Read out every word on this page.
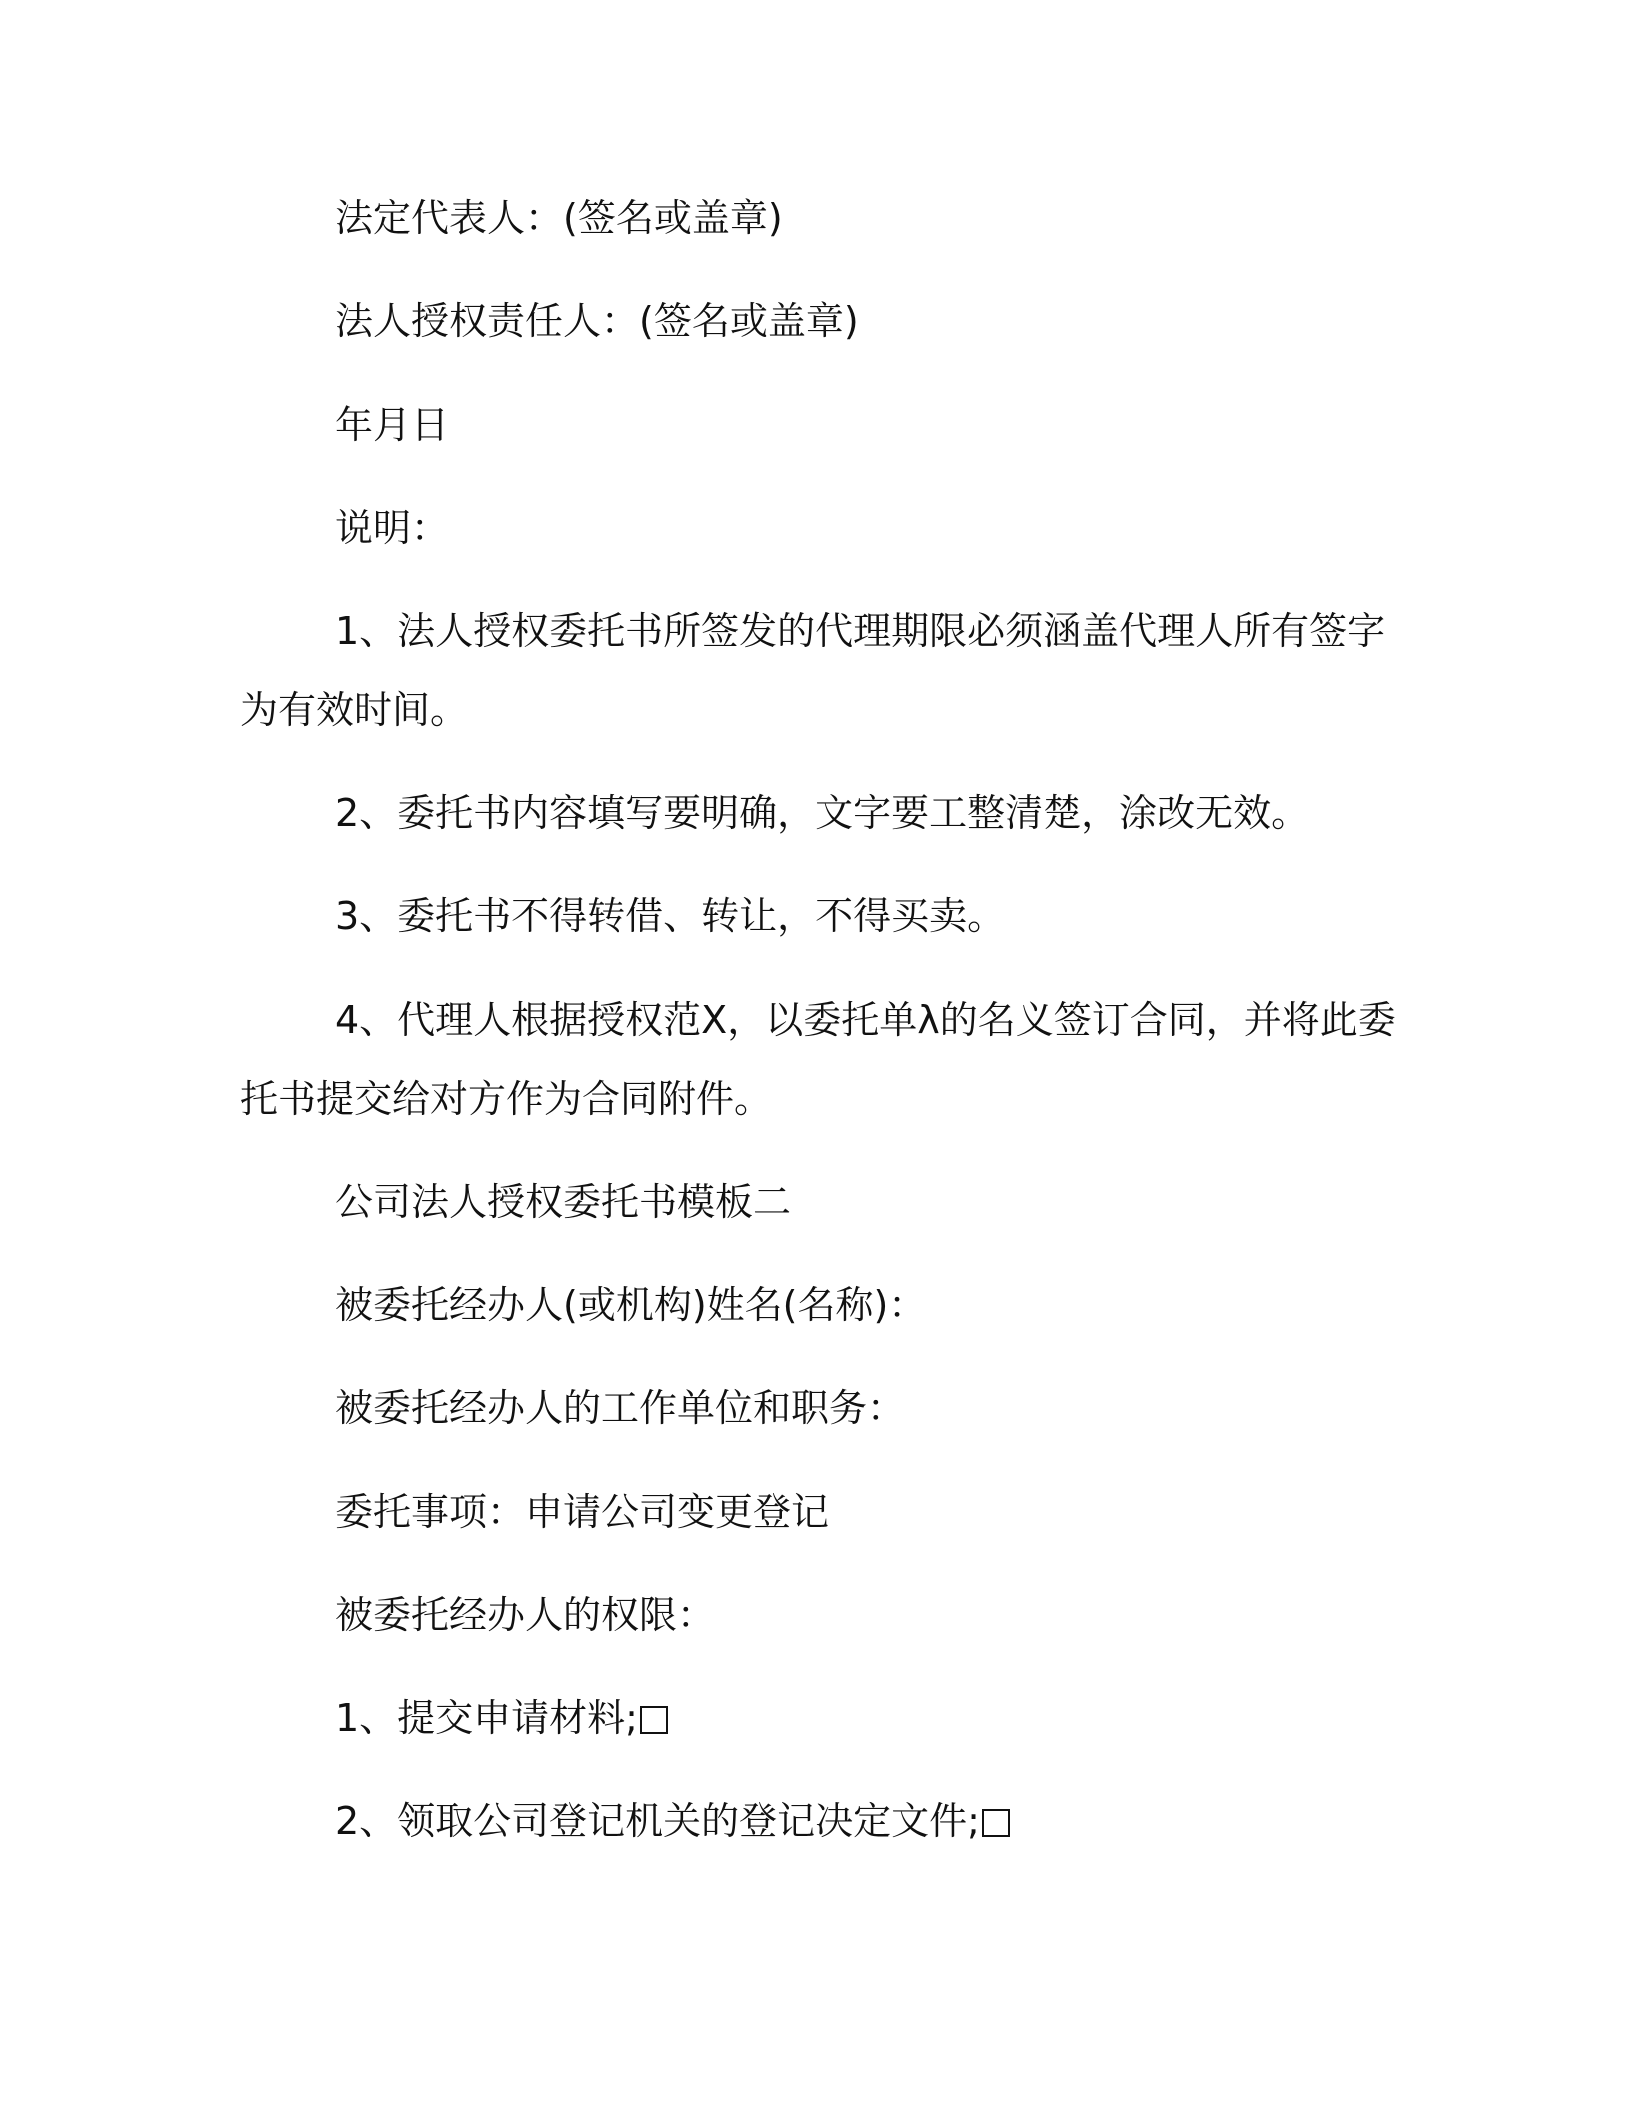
法定代表人：(签名或盖章)
法人授权责任人：(签名或盖章)
年月日
说明：
1、法人授权委托书所签发的代理期限必须涵盖代理人所有签字
为有效时间。
2、委托书内容填写要明确，文字要工整清楚，涂改无效。
3、委托书不得转借、转让，不得买卖。
4、代理人根据授权范X，以委托单λ的名义签订合同，并将此委
托书提交给对方作为合同附件。
公司法人授权委托书模板二
被委托经办人(或机构)姓名(名称)：
被委托经办人的工作单位和职务：
委托事项：申请公司变更登记
被委托经办人的权限：
1、提交申请材料;
2、领取公司登记机关的登记决定文件;
